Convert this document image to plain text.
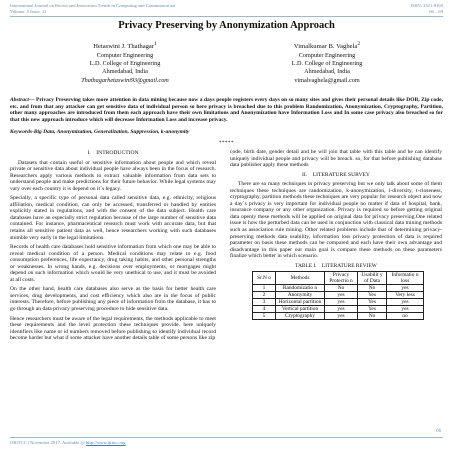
International Journal on Recent and Innovation Trends in Computing and Communication
Volume: 5 Issue: 11
ISSN: 2321-8169
66 – 69
Privacy Preserving by Anonymization Approach
Hetaswini J. Thathagar$^1$
Computer Engineering
L.D. College of Engineering
Ahmedabad, India
Thathagarhetaswini93@gmail.com
Vimalkumar B. Vaghela$^2$
Computer Engineering
L.D. College of Engineering
Ahmedabad, India
vimalvaghela@gmail.com
Abstract— Privacy Preserving takes more attention in data mining because now a days people registers every days on so many sites and gives their personal details like DOB, Zip code, etc. and from that any attacker can get sensitive data of individual person so here privacy is breached due to this problem Randomization, Anonymization, Cryptography, Partition, other many approaches are introduced from them each approach have their own limitations and Anonymization have Information Loss and In some case privacy also breached so for that this new approach introduce which will decrease Information Loss and increase privacy.
Keywords-Big Data, Anonymization, Generalization, Suppression, k-anonymity
*****
I. INTRODUCTION

Datasets that contain useful or sensitive information about people and which reveal private or sensitive data about individual people have always been in the focus of research. Researchers apply various methods to extract valuable information from data sets to understand people and make predictions for their future behavior. While legal systems may vary over each country it is depend on it`s legacy.

Specially, a specific type of personal data called sensitive data, e.g. ethnicity, religious affiliation, medical condition, can only be accessed, transferred or handled by entities explicitly stated in regulations, and with the consent of the data subject. Health care databases have an especially strict regulation because of the large number of sensitive data contained. For instance, pharmaceutical research must work with accurate data, but that retains all sensitive patient data as well, hence researchers working with such databases stumble very early in the legal limitations.

Records of health care databases hold sensitive information from which one may be able to reveal medical condition of a person. Medical conditions may relate to e.g. food consumption preferences, life expectancy, drug taking habits, and other personal strengths or weaknesses. In wrong hands, e.g. decisions over employments, or mortgages might depend on such information which would be very unethical to use, and it must be avoided at all costs.

On the other hand, health care databases also serve as the basis for better health care services, drug developments, and cost efficiency which also are in the focus of public interests. Therefore, before publishing any piece of information from the database, it has to go through an data privacy preserving procedure to hide sensitive data.

Hence researchers must be aware of the legal requirements, the methods applicable to meet these requirements and the level protection these techniques provide. here uniquely identifiers like name or id numbers removed before publishing so identify individual record become harder but what if some attacker have another details table of some persons like zip

code, birth date, gender detail and he will join that table with this table and he can identify uniquely individual people and privacy will be breach. so, for that before publishing database data publisher apply these methods

II. LITERATURE SURVEY

There are so many techniques in privacy preserving but we only talk about some of them techniques these techniques are randomization, k-anonymization, l-diversity, t-closeness, cryptography, partition methods these techniques are very popular for research object and now a day`s privacy is very important for individual people no matter if data of hospital, bank, insurance company or any other organization. Privacy is required so before getting original data openly these methods will be applied on original data for privacy preserving.One related issue is how the perturbed data can be used in conjunction with classical data mining methods such as association rule mining. Other related problems include that of determining privacy-preserving methods data usability, information loss privacy protection of data is required parameter on basis these methods can be compared and each have their own advantage and disadvantage in this paper our main goal is compare these methods on these parameters finalize which better in which scenario.

TABLE I. LITERATURE REVIEW
Sr.N o	Methods	Privacy Protectio n	Usabilit y of Data	Informatio n loss
1	Randomizatio n	No	No	yes
2	Anonymity	yes	Yes	Very less
3	Horizontal partition	yes	Yes	yes
4	Vertical partition	yes	Yes	yes
5	Cryptography	yes	No	no
66
IJRITCC | November 2017, Available @ http://www.ijritcc.org
